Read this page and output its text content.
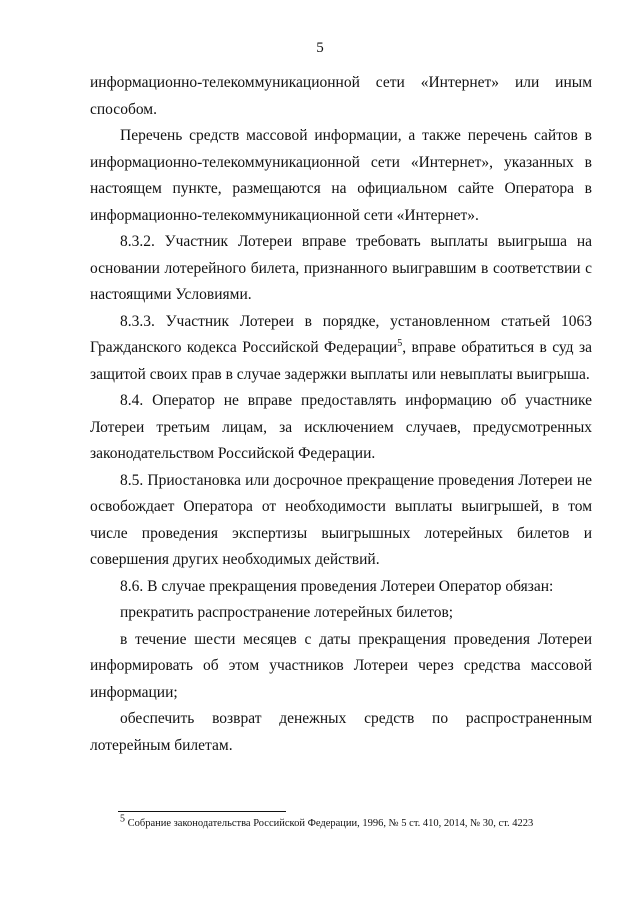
5

информационно-телекоммуникационной сети «Интернет» или иным способом.

Перечень средств массовой информации, а также перечень сайтов в информационно-телекоммуникационной сети «Интернет», указанных в настоящем пункте, размещаются на официальном сайте Оператора в информационно-телекоммуникационной сети «Интернет».

8.3.2. Участник Лотереи вправе требовать выплаты выигрыша на основании лотерейного билета, признанного выигравшим в соответствии с настоящими Условиями.

8.3.3. Участник Лотереи в порядке, установленном статьей 1063 Гражданского кодекса Российской Федерации$^5$, вправе обратиться в суд за защитой своих прав в случае задержки выплаты или невыплаты выигрыша.

8.4. Оператор не вправе предоставлять информацию об участнике Лотереи третьим лицам, за исключением случаев, предусмотренных законодательством Российской Федерации.

8.5. Приостановка или досрочное прекращение проведения Лотереи не освобождает Оператора от необходимости выплаты выигрышей, в том числе проведения экспертизы выигрышных лотерейных билетов и совершения других необходимых действий.

8.6. В случае прекращения проведения Лотереи Оператор обязан:

прекратить распространение лотерейных билетов;

в течение шести месяцев с даты прекращения проведения Лотереи информировать об этом участников Лотереи через средства массовой информации;

обеспечить возврат денежных средств по распространенным лотерейным билетам.

5 Собрание законодательства Российской Федерации, 1996, № 5 ст. 410, 2014, № 30, ст. 4223
